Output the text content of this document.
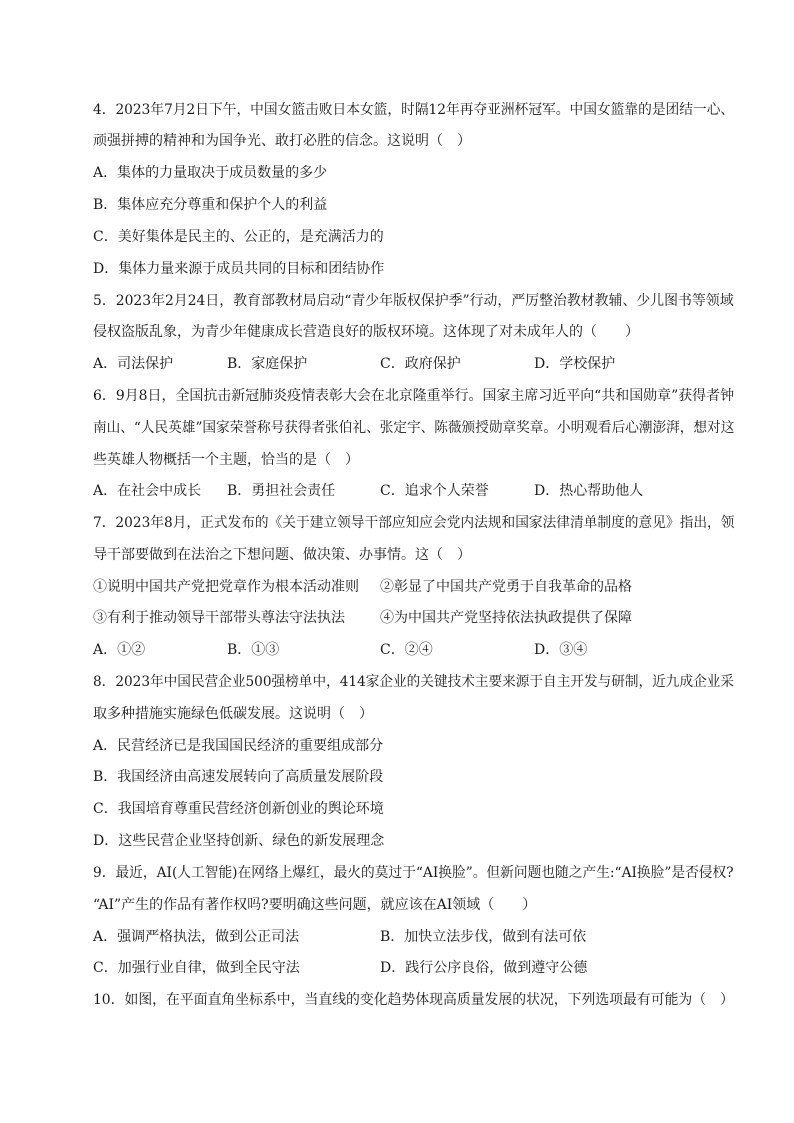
4．2023年7月2日下午，中国女篮击败日本女篮，时隔12年再夺亚洲杯冠军。中国女篮靠的是团结一心、
顽强拼搏的精神和为国争光、敢打必胜的信念。这说明（　）
A．集体的力量取决于成员数量的多少
B．集体应充分尊重和保护个人的利益
C．美好集体是民主的、公正的，是充满活力的
D．集体力量来源于成员共同的目标和团结协作
5．2023年2月24日，教育部教材局启动“青少年版权保护季”行动，严厉整治教材教辅、少儿图书等领域
侵权盗版乱象，为青少年健康成长营造良好的版权环境。这体现了对未成年人的（　　）
A．司法保护	B．家庭保护	C．政府保护	D．学校保护
6．9月8日，全国抗击新冠肺炎疫情表彰大会在北京隆重举行。国家主席习近平向“共和国勋章”获得者钟
南山、“人民英雄”国家荣誉称号获得者张伯礼、张定宇、陈薇颁授勋章奖章。小明观看后心潮澎湃，想对这
些英雄人物概括一个主题，恰当的是（　）
A．在社会中成长 B．勇担社会责任	C．追求个人荣誉	D．热心帮助他人
7．2023年8月，正式发布的《关于建立领导干部应知应会党内法规和国家法律清单制度的意见》指出，领
导干部要做到在法治之下想问题、做决策、办事情。这（　）
①说明中国共产党把党章作为根本活动准则 ②彰显了中国共产党勇于自我革命的品格
③有利于推动领导干部带头尊法守法执法	④为中国共产党坚持依法执政提供了保障
A．①②	B．①③	C．②④	D．③④
8．2023年中国民营企业500强榜单中，414家企业的关键技术主要来源于自主开发与研制，近九成企业采
取多种措施实施绿色低碳发展。这说明（　）
A．民营经济已是我国国民经济的重要组成部分
B．我国经济由高速发展转向了高质量发展阶段
C．我国培育尊重民营经济创新创业的舆论环境
D．这些民营企业坚持创新、绿色的新发展理念
9．最近，AI(人工智能)在网络上爆红，最火的莫过于“AI换脸”。但新问题也随之产生:“AI换脸”是否侵权?
“AI”产生的作品有著作权吗?要明确这些问题，就应该在AI领域（　　）
A．强调严格执法，做到公正司法	B．加快立法步伐，做到有法可依
C．加强行业自律，做到全民守法	D．践行公序良俗，做到遵守公德
10．如图，在平面直角坐标系中，当直线的变化趋势体现高质量发展的状况，下列选项最有可能为（　）
